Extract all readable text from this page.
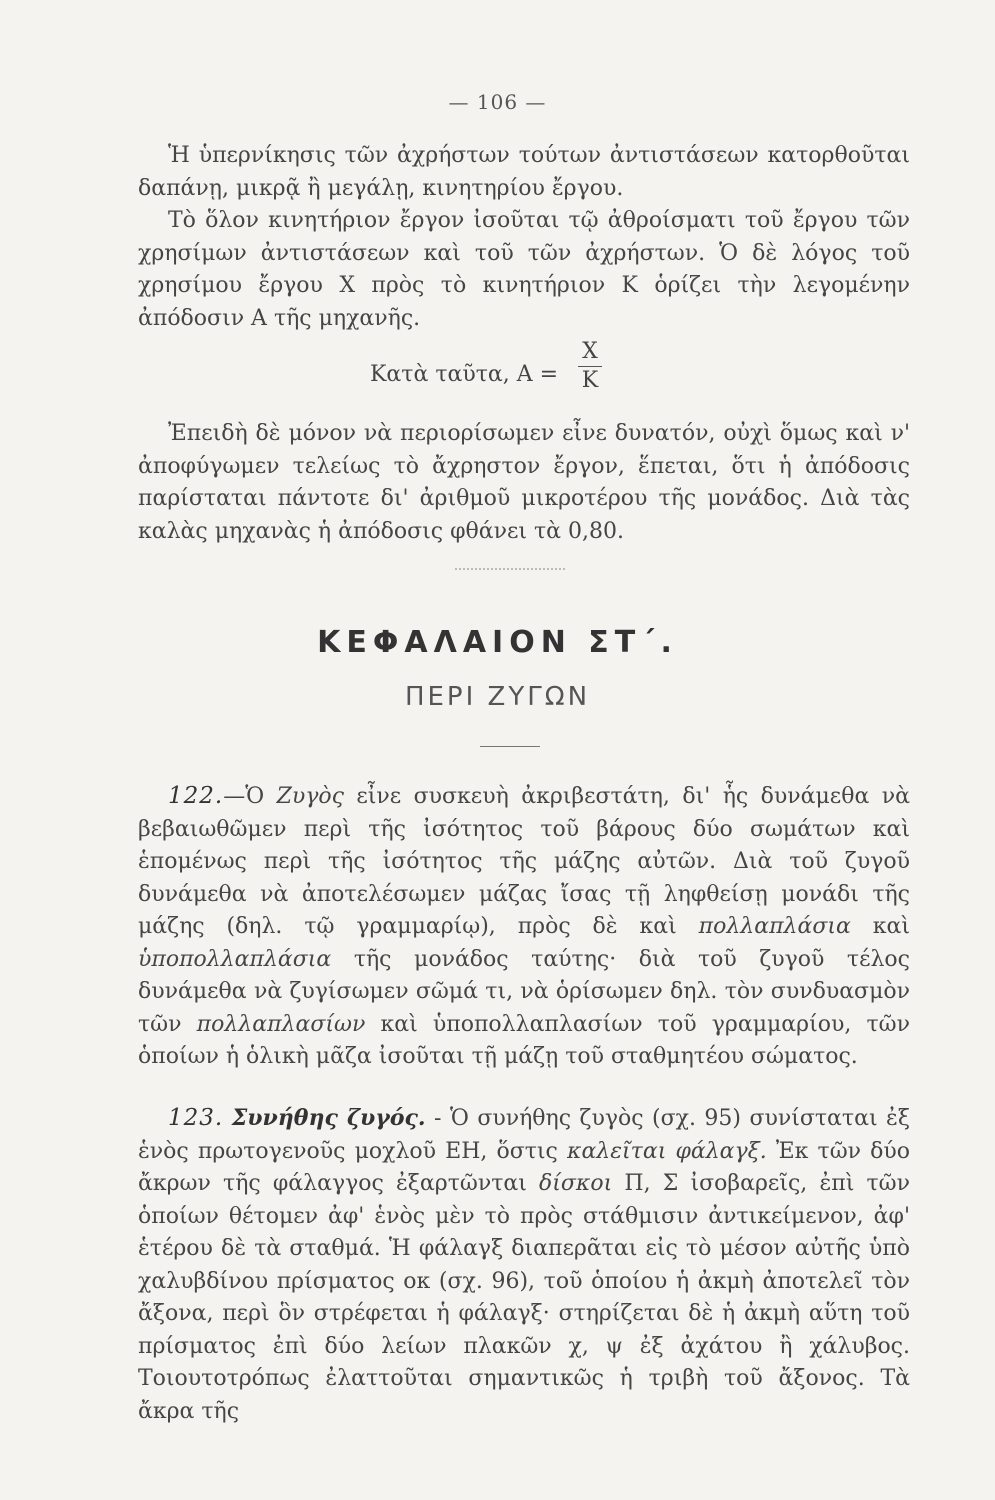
— 106 —

Ἡ ὑπερνίκησις τῶν ἀχρήστων τούτων ἀντιστάσεων κατορθοῦται δαπάνῃ, μικρᾷ ἢ μεγάλῃ, κινητηρίου ἔργου.

Τὸ ὅλον κινητήριον ἔργον ἰσοῦται τῷ ἀθροίσματι τοῦ ἔργου τῶν χρησίμων ἀντιστάσεων καὶ τοῦ τῶν ἀχρήστων. Ὁ δὲ λόγος τοῦ χρησίμου ἔργου Χ πρὸς τὸ κινητήριον Κ ὁρίζει τὴν λεγομένην ἀπόδοσιν Α τῆς μηχανῆς.

Κατὰ ταῦτα, Α =
Χ
Κ

Ἐπειδὴ δὲ μόνον νὰ περιορίσωμεν εἶνε δυνατόν, οὐχὶ ὅμως καὶ ν' ἀποφύγωμεν τελείως τὸ ἄχρηστον ἔργον, ἕπεται, ὅτι ἡ ἀπόδοσις παρίσταται πάντοτε δι' ἀριθμοῦ μικροτέρου τῆς μονάδος. Διὰ τὰς καλὰς μηχανὰς ἡ ἀπόδοσις φθάνει τὰ 0,80.

ΚΕΦΑΛΑΙΟΝ ΣΤ΄.
ΠΕΡΙ ΖΥΓΩΝ

122.—Ὁ Ζυγὸς εἶνε συσκευὴ ἀκριβεστάτη, δι' ἧς δυνάμεθα νὰ βεβαιωθῶμεν περὶ τῆς ἰσότητος τοῦ βάρους δύο σωμάτων καὶ ἑπομένως περὶ τῆς ἰσότητος τῆς μάζης αὐτῶν. Διὰ τοῦ ζυγοῦ δυνάμεθα νὰ ἀποτελέσωμεν μάζας ἴσας τῇ ληφθείσῃ μονάδι τῆς μάζης (δηλ. τῷ γραμμαρίῳ), πρὸς δὲ καὶ πολλαπλάσια καὶ ὑποπολλαπλάσια τῆς μονάδος ταύτης· διὰ τοῦ ζυγοῦ τέλος δυνάμεθα νὰ ζυγίσωμεν σῶμά τι, νὰ ὁρίσωμεν δηλ. τὸν συνδυασμὸν τῶν πολλαπλασίων καὶ ὑποπολλαπλασίων τοῦ γραμμαρίου, τῶν ὁποίων ἡ ὁλικὴ μᾶζα ἰσοῦται τῇ μάζῃ τοῦ σταθμητέου σώματος.

123. Συνήθης ζυγός. - Ὁ συνήθης ζυγὸς (σχ. 95) συνίσταται ἐξ ἑνὸς πρωτογενοῦς μοχλοῦ ΕΗ, ὅστις καλεῖται φάλαγξ. Ἐκ τῶν δύο ἄκρων τῆς φάλαγγος ἐξαρτῶνται δίσκοι Π, Σ ἰσοβαρεῖς, ἐπὶ τῶν ὁποίων θέτομεν ἀφ' ἑνὸς μὲν τὸ πρὸς στάθμισιν ἀντικείμενον, ἀφ' ἑτέρου δὲ τὰ σταθμά. Ἡ φάλαγξ διαπερᾶται εἰς τὸ μέσον αὐτῆς ὑπὸ χαλυβδίνου πρίσματος οκ (σχ. 96), τοῦ ὁποίου ἡ ἀκμὴ ἀποτελεῖ τὸν ἄξονα, περὶ ὃν στρέφεται ἡ φάλαγξ· στηρίζεται δὲ ἡ ἀκμὴ αὕτη τοῦ πρίσματος ἐπὶ δύο λείων πλακῶν χ, ψ ἐξ ἀχάτου ἢ χάλυβος. Τοιουτοτρόπως ἐλαττοῦται σημαντικῶς ἡ τριβὴ τοῦ ἄξονος. Τὰ ἄκρα τῆς
